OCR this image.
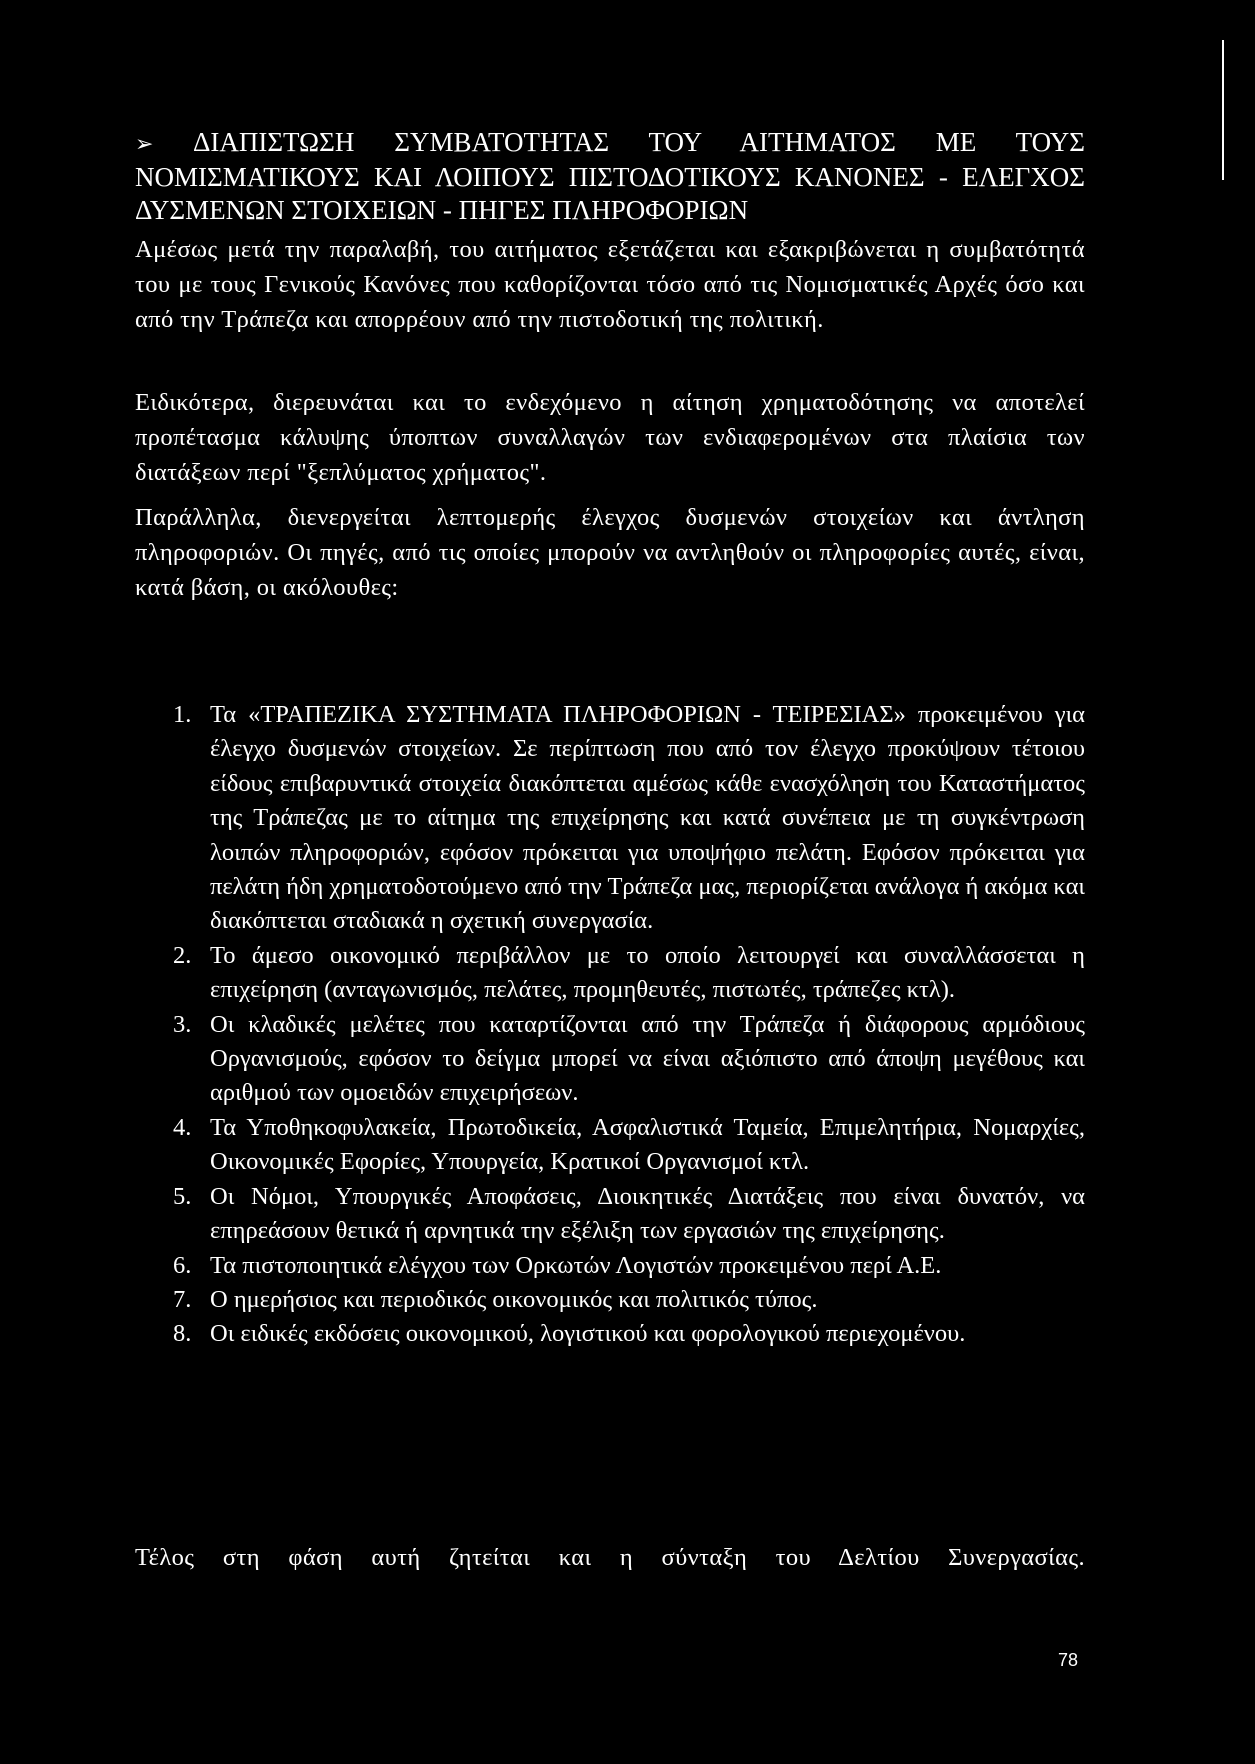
➢ ΔΙΑΠΙΣΤΩΣΗ ΣΥΜΒΑΤΟΤΗΤΑΣ ΤΟΥ ΑΙΤΗΜΑΤΟΣ ΜΕ ΤΟΥΣ ΝΟΜΙΣΜΑΤΙΚΟΥΣ ΚΑΙ ΛΟΙΠΟΥΣ ΠΙΣΤΟΔΟΤΙΚΟΥΣ ΚΑΝΟΝΕΣ - ΕΛΕΓΧΟΣ ΔΥΣΜΕΝΩΝ ΣΤΟΙΧΕΙΩΝ - ΠΗΓΕΣ ΠΛΗΡΟΦΟΡΙΩΝ

Αμέσως μετά την παραλαβή, του αιτήματος εξετάζεται και εξακριβώνεται η συμβατότητά του με τους Γενικούς Κανόνες που καθορίζονται τόσο από τις Νομισματικές Αρχές όσο και από την Τράπεζα και απορρέουν από την πιστοδοτική της πολιτική.

Ειδικότερα, διερευνάται και το ενδεχόμενο η αίτηση χρηματοδότησης να αποτελεί προπέτασμα κάλυψης ύποπτων συναλλαγών των ενδιαφερομένων στα πλαίσια των διατάξεων περί "ξεπλύματος χρήματος".

Παράλληλα, διενεργείται λεπτομερής έλεγχος δυσμενών στοιχείων και άντληση πληροφοριών. Οι πηγές, από τις οποίες μπορούν να αντληθούν οι πληροφορίες αυτές, είναι, κατά βάση, οι ακόλουθες:

1. Τα «ΤΡΑΠΕΖΙΚΑ ΣΥΣΤΗΜΑΤΑ ΠΛΗΡΟΦΟΡΙΩΝ - ΤΕΙΡΕΣΙΑΣ» προκειμένου για έλεγχο δυσμενών στοιχείων. Σε περίπτωση που από τον έλεγχο προκύψουν τέτοιου είδους επιβαρυντικά στοιχεία διακόπτεται αμέσως κάθε ενασχόληση του Καταστήματος της Τράπεζας με το αίτημα της επιχείρησης και κατά συνέπεια με τη συγκέντρωση λοιπών πληροφοριών, εφόσον πρόκειται για υποψήφιο πελάτη. Εφόσον πρόκειται για πελάτη ήδη χρηματοδοτούμενο από την Τράπεζα μας, περιορίζεται ανάλογα ή ακόμα και διακόπτεται σταδιακά η σχετική συνεργασία.
2. Το άμεσο οικονομικό περιβάλλον με το οποίο λειτουργεί και συναλλάσσεται η επιχείρηση (ανταγωνισμός, πελάτες, προμηθευτές, πιστωτές, τράπεζες κτλ).
3. Οι κλαδικές μελέτες που καταρτίζονται από την Τράπεζα ή διάφορους αρμόδιους Οργανισμούς, εφόσον το δείγμα μπορεί να είναι αξιόπιστο από άποψη μεγέθους και αριθμού των ομοειδών επιχειρήσεων.
4. Τα Υποθηκοφυλακεία, Πρωτοδικεία, Ασφαλιστικά Ταμεία, Επιμελητήρια, Νομαρχίες, Οικονομικές Εφορίες, Υπουργεία, Κρατικοί Οργανισμοί κτλ.
5. Οι Νόμοι, Υπουργικές Αποφάσεις, Διοικητικές Διατάξεις που είναι δυνατόν, να επηρεάσουν θετικά ή αρνητικά την εξέλιξη των εργασιών της επιχείρησης.
6. Τα πιστοποιητικά ελέγχου των Ορκωτών Λογιστών προκειμένου περί Α.Ε.
7. Ο ημερήσιος και περιοδικός οικονομικός και πολιτικός τύπος.
8. Οι ειδικές εκδόσεις οικονομικού, λογιστικού και φορολογικού περιεχομένου.

Τέλος στη φάση αυτή ζητείται και η σύνταξη του Δελτίου Συνεργασίας.

78
